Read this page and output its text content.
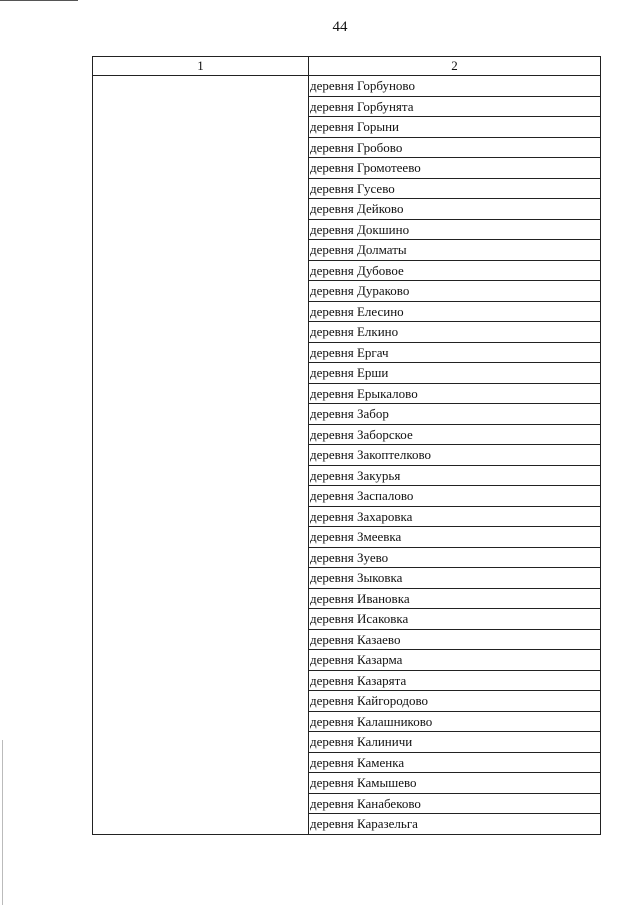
44
1	2
	деревня Горбуново
	деревня Горбунята
	деревня Горыни
	деревня Гробово
	деревня Громотеево
	деревня Гусево
	деревня Дейково
	деревня Докшино
	деревня Долматы
	деревня Дубовое
	деревня Дураково
	деревня Елесино
	деревня Елкино
	деревня Ергач
	деревня Ерши
	деревня Ерыкалово
	деревня Забор
	деревня Заборское
	деревня Закоптелково
	деревня Закурья
	деревня Заспалово
	деревня Захаровка
	деревня Змеевка
	деревня Зуево
	деревня Зыковка
	деревня Ивановка
	деревня Исаковка
	деревня Казаево
	деревня Казарма
	деревня Казарята
	деревня Кайгородово
	деревня Калашниково
	деревня Калиничи
	деревня Каменка
	деревня Камышево
	деревня Канабеково
	деревня Каразельга
